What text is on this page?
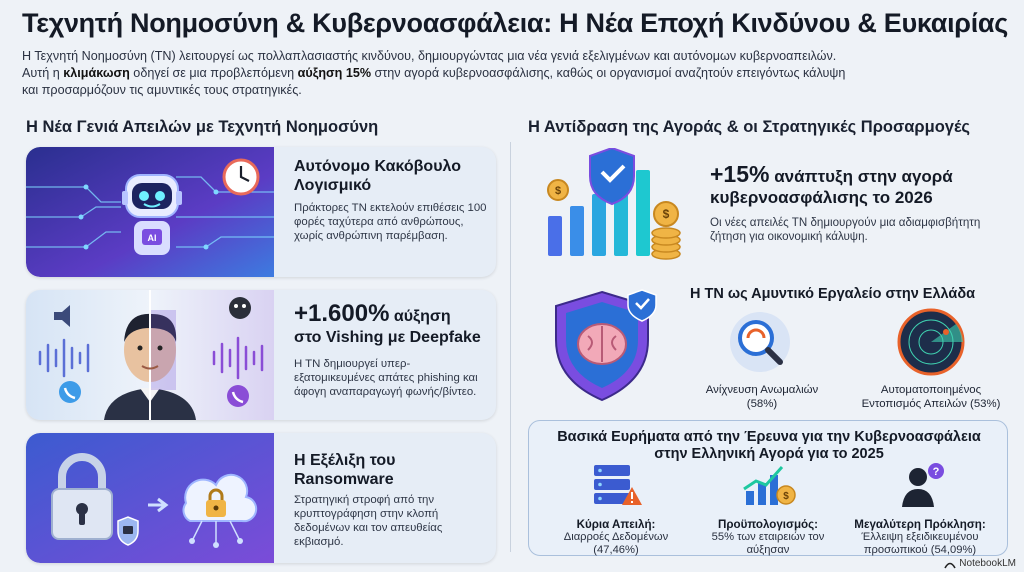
Τεχνητή Νοημοσύνη & Κυβερνοασφάλεια: Η Νέα Εποχή Κινδύνου & Ευκαιρίας
Η Τεχνητή Νοημοσύνη (ΤΝ) λειτουργεί ως πολλαπλασιαστής κινδύνου, δημιουργώντας μια νέα γενιά εξελιγμένων και αυτόνομων κυβερνοαπειλών.
Αυτή η κλιμάκωση οδηγεί σε μια προβλεπόμενη αύξηση 15% στην αγορά κυβερνοασφάλισης, καθώς οι οργανισμοί αναζητούν επειγόντως κάλυψη
και προσαρμόζουν τις αμυντικές τους στρατηγικές.
Η Νέα Γενιά Απειλών με Τεχνητή Νοημοσύνη	Η Αντίδραση της Αγοράς & οι Στρατηγικές Προσαρμογές
AI
Αυτόνομο Κακόβουλο Λογισμικό

Πράκτορες ΤΝ εκτελούν επιθέσεις 100 φορές ταχύτερα από ανθρώπους, χωρίς ανθρώπινη παρέμβαση.

+1.600% αύξηση
στο Vishing με Deepfake

Η ΤΝ δημιουργεί υπερ-εξατομικευμένες απάτες phishing και άφογη αναπαραγωγή φωνής/βίντεο.

Η Εξέλιξη του Ransomware

Στρατηγική στροφή από την κρυπτογράφηση στην κλοπή δεδομένων και τον απευθείας εκβιασμό.

$
$
+15% ανάπτυξη στην αγορά
κυβερνοασφάλισης το 2026
Οι νέες απειλές ΤΝ δημιουργούν μια αδιαμφισβήτητη ζήτηση για οικονομική κάλυψη.
Η ΤΝ ως Αμυντικό Εργαλείο στην Ελλάδα
Ανίχνευση Ανωμαλιών (58%)
Αυτοματοποιημένος Εντοπισμός Απειλών (53%)
Βασικά Ευρήματα από την Έρευνα για την Κυβερνοασφάλεια
στην Ελληνική Αγορά για το 2025
Κύρια Απειλή:
Διαρροές Δεδομένων (47,46%)
$
Προϋπολογισμός:
55% των εταιρειών τον αύξησαν
?
Μεγαλύτερη Πρόκληση:
Έλλειψη εξειδικευμένου προσωπικού (54,09%)
NotebookLM
